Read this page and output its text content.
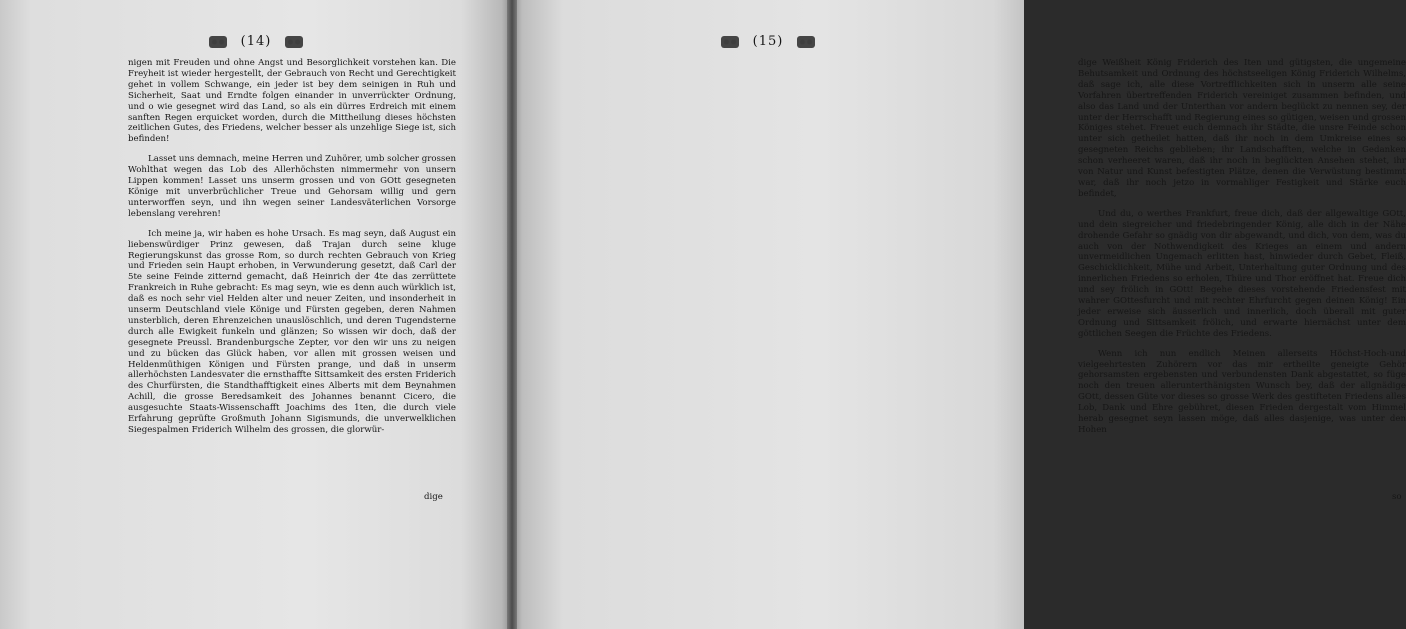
(14)

nigen mit Freuden und ohne Angst und Besorglichkeit vorstehen kan. Die Freyheit ist wieder hergestellt, der Gebrauch von Recht und Gerechtigkeit gehet in vollem Schwange, ein jeder ist bey dem seinigen in Ruh und Sicherheit, Saat und Erndte folgen einander in unverrückter Ordnung, und o wie gesegnet wird das Land, so als ein dürres Erdreich mit einem sanften Regen erquicket worden, durch die Mittheilung dieses höchsten zeitlichen Gutes, des Friedens, welcher besser als unzehlige Siege ist, sich befinden!

Lasset uns demnach, meine Herren und Zuhörer, umb solcher grossen Wohlthat wegen das Lob des Allerhöchsten nimmermehr von unsern Lippen kommen! Lasset uns unserm grossen und von GOtt gesegneten Könige mit unverbrüchlicher Treue und Gehorsam willig und gern unterworffen seyn, und ihn wegen seiner Landesväterlichen Vorsorge lebenslang verehren!

Ich meine ja, wir haben es hohe Ursach. Es mag seyn, daß August ein liebenswürdiger Prinz gewesen, daß Trajan durch seine kluge Regierungskunst das grosse Rom, so durch rechten Gebrauch von Krieg und Frieden sein Haupt erhoben, in Verwunderung gesetzt, daß Carl der 5te seine Feinde zitternd gemacht, daß Heinrich der 4te das zerrüttete Frankreich in Ruhe gebracht: Es mag seyn, wie es denn auch würklich ist, daß es noch sehr viel Helden alter und neuer Zeiten, und insonderheit in unserm Deutschland viele Könige und Fürsten gegeben, deren Nahmen unsterblich, deren Ehrenzeichen unauslöschlich, und deren Tugendsterne durch alle Ewigkeit funkeln und glänzen; So wissen wir doch, daß der gesegnete Preussl. Brandenburgsche Zepter, vor den wir uns zu neigen und zu bücken das Glück haben, vor allen mit grossen weisen und Heldenmüthigen Königen und Fürsten prange, und daß in unserm allerhöchsten Landesvater die ernsthaffte Sittsamkeit des ersten Friderich des Churfürsten, die Standthafftigkeit eines Alberts mit dem Beynahmen Achill, die grosse Beredsamkeit des Johannes benannt Cicero, die ausgesuchte Staats-Wissenschafft Joachims des 1ten, die durch viele Erfahrung geprüfte Großmuth Johann Sigismunds, die unverwelklichen Siegespalmen Friderich Wilhelm des grossen, die glorwür-

dige
(15)

dige Weißheit König Friderich des Iten und gütigsten, die ungemeine Behutsamkeit und Ordnung des höchstseeligen König Friderich Wilhelms, daß sage ich, alle diese Vortrefflichkeiten sich in unserm alle seine Vorfahren übertreffenden Friderich vereiniget zusammen befinden, und also das Land und der Unterthan vor andern beglückt zu nennen sey, der unter der Herrschafft und Regierung eines so gütigen, weisen und grossen Königes stehet. Freuet euch demnach ihr Städte, die unsre Feinde schon unter sich getheilet hatten, daß ihr noch in dem Umkreise eines so gesegneten Reichs geblieben; ihr Landschafften, welche in Gedanken schon verheeret waren, daß ihr noch in beglückten Ansehen stehet, ihr von Natur und Kunst befestigten Plätze, denen die Verwüstung bestimmt war, daß ihr noch jetzo in vormahliger Festigkeit und Stärke euch befindet,

Und du, o werthes Frankfurt, freue dich, daß der allgewaltige GOtt, und dein siegreicher und friedebringender König, alle dich in der Nähe drohende Gefahr so gnädig von dir abgewandt, und dich, von dem, was du auch von der Nothwendigkeit des Krieges an einem und andern unvermeidlichen Ungemach erlitten hast, hinwieder durch Gebet, Fleiß, Geschicklichkeit, Mühe und Arbeit, Unterhaltung guter Ordnung und des innerlichen Friedens so erholen, Thüre und Thor eröffnet hat. Freue dich und sey frölich in GOtt! Begehe dieses vorstehende Friedensfest mit wahrer GOttesfurcht und mit rechter Ehrfurcht gegen deinen König! Ein jeder erweise sich äusserlich und innerlich, doch überall mit guter Ordnung und Sittsamkeit frölich, und erwarte hiernächst unter dem göttlichen Seegen die Früchte des Friedens.

Wenn ich nun endlich Meinen allerseits Höchst-Hoch-und vielgeehrtesten Zuhörern vor das mir ertheilte geneigte Gehör gehorsamsten ergebensten und verbundensten Dank abgestattet, so füge noch den treuen allerunterthänigsten Wunsch bey, daß der allgnädige GOtt, dessen Güte vor dieses so grosse Werk des gestifteten Friedens alles Lob, Dank und Ehre gebühret, diesen Frieden dergestalt vom Himmel herab gesegnet seyn lassen möge, daß alles dasjenige, was unter den Hohen

so
